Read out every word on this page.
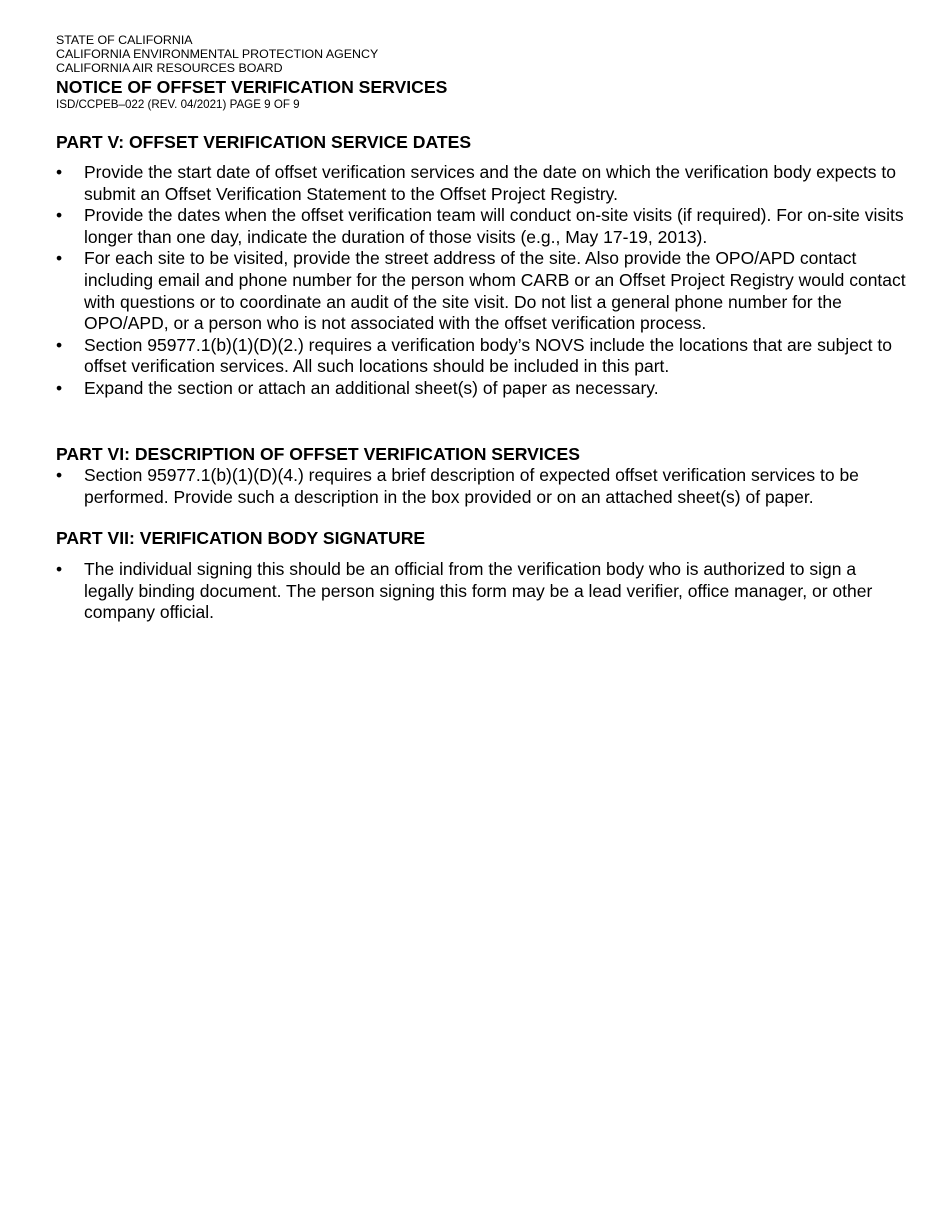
STATE OF CALIFORNIA
CALIFORNIA ENVIRONMENTAL PROTECTION AGENCY
CALIFORNIA AIR RESOURCES BOARD
NOTICE OF OFFSET VERIFICATION SERVICES
ISD/CCPEB–022 (REV. 04/2021) PAGE 9 OF 9
PART V: OFFSET VERIFICATION SERVICE DATES
•	Provide the start date of offset verification services and the date on which the verification body expects to submit an Offset Verification Statement to the Offset Project Registry.
•	Provide the dates when the offset verification team will conduct on-site visits (if required). For on-site visits longer than one day, indicate the duration of those visits (e.g., May 17-19, 2013).
•	For each site to be visited, provide the street address of the site. Also provide the OPO/APD contact including email and phone number for the person whom CARB or an Offset Project Registry would contact with questions or to coordinate an audit of the site visit. Do not list a general phone number for the OPO/APD, or a person who is not associated with the offset verification process.
•	Section 95977.1(b)(1)(D)(2.) requires a verification body’s NOVS include the locations that are subject to offset verification services. All such locations should be included in this part.
•	Expand the section or attach an additional sheet(s) of paper as necessary.
PART VI: DESCRIPTION OF OFFSET VERIFICATION SERVICES
•	Section 95977.1(b)(1)(D)(4.) requires a brief description of expected offset verification services to be performed. Provide such a description in the box provided or on an attached sheet(s) of paper.
PART VII: VERIFICATION BODY SIGNATURE
•	The individual signing this should be an official from the verification body who is authorized to sign a legally binding document. The person signing this form may be a lead verifier, office manager, or other company official.
